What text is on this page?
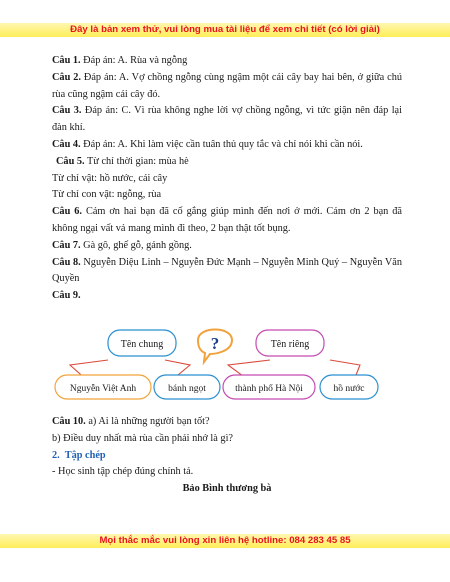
Đây là bản xem thử, vui lòng mua tài liệu để xem chi tiết (có lời giải)

Câu 1. Đáp án: A. Rùa và ngỗng

Câu 2. Đáp án: A. Vợ chồng ngỗng cùng ngậm một cái cây bay hai bên, ở giữa chú rùa cũng ngậm cái cây đó.

Câu 3. Đáp án: C. Vì rùa không nghe lời vợ chồng ngỗng, vì tức giận nên đáp lại đàn khí.

Câu 4. Đáp án: A. Khi làm việc cần tuân thủ quy tắc và chỉ nói khi cần nói.

Câu 5. Từ chỉ thời gian: mùa hè

Từ chỉ vật: hồ nước, cái cây

Từ chỉ con vật: ngỗng, rùa

Câu 6. Cảm ơn hai bạn đã cố gắng giúp mình đến nơi ở mới. Cảm ơn 2 bạn đã không ngại vất vả mang mình đi theo, 2 bạn thật tốt bụng.

Câu 7. Gà gô, ghế gỗ, gánh gồng.

Câu 8. Nguyễn Diệu Linh – Nguyễn Đức Mạnh – Nguyễn Minh Quý – Nguyễn Văn Quyền

Câu 9.

Tên chung	Tên riêng
?
Nguyễn Việt Anh	bánh ngọt	thành phố Hà Nội	hồ nước

Câu 10. a) Ai là những người bạn tốt?

b) Điều duy nhất mà rùa cần phải nhớ là gì?

2. Tập chép

- Học sinh tập chép đúng chính tả.

Bảo Bình thương bà

Mọi thắc mắc vui lòng xin liên hệ hotline: 084 283 45 85
